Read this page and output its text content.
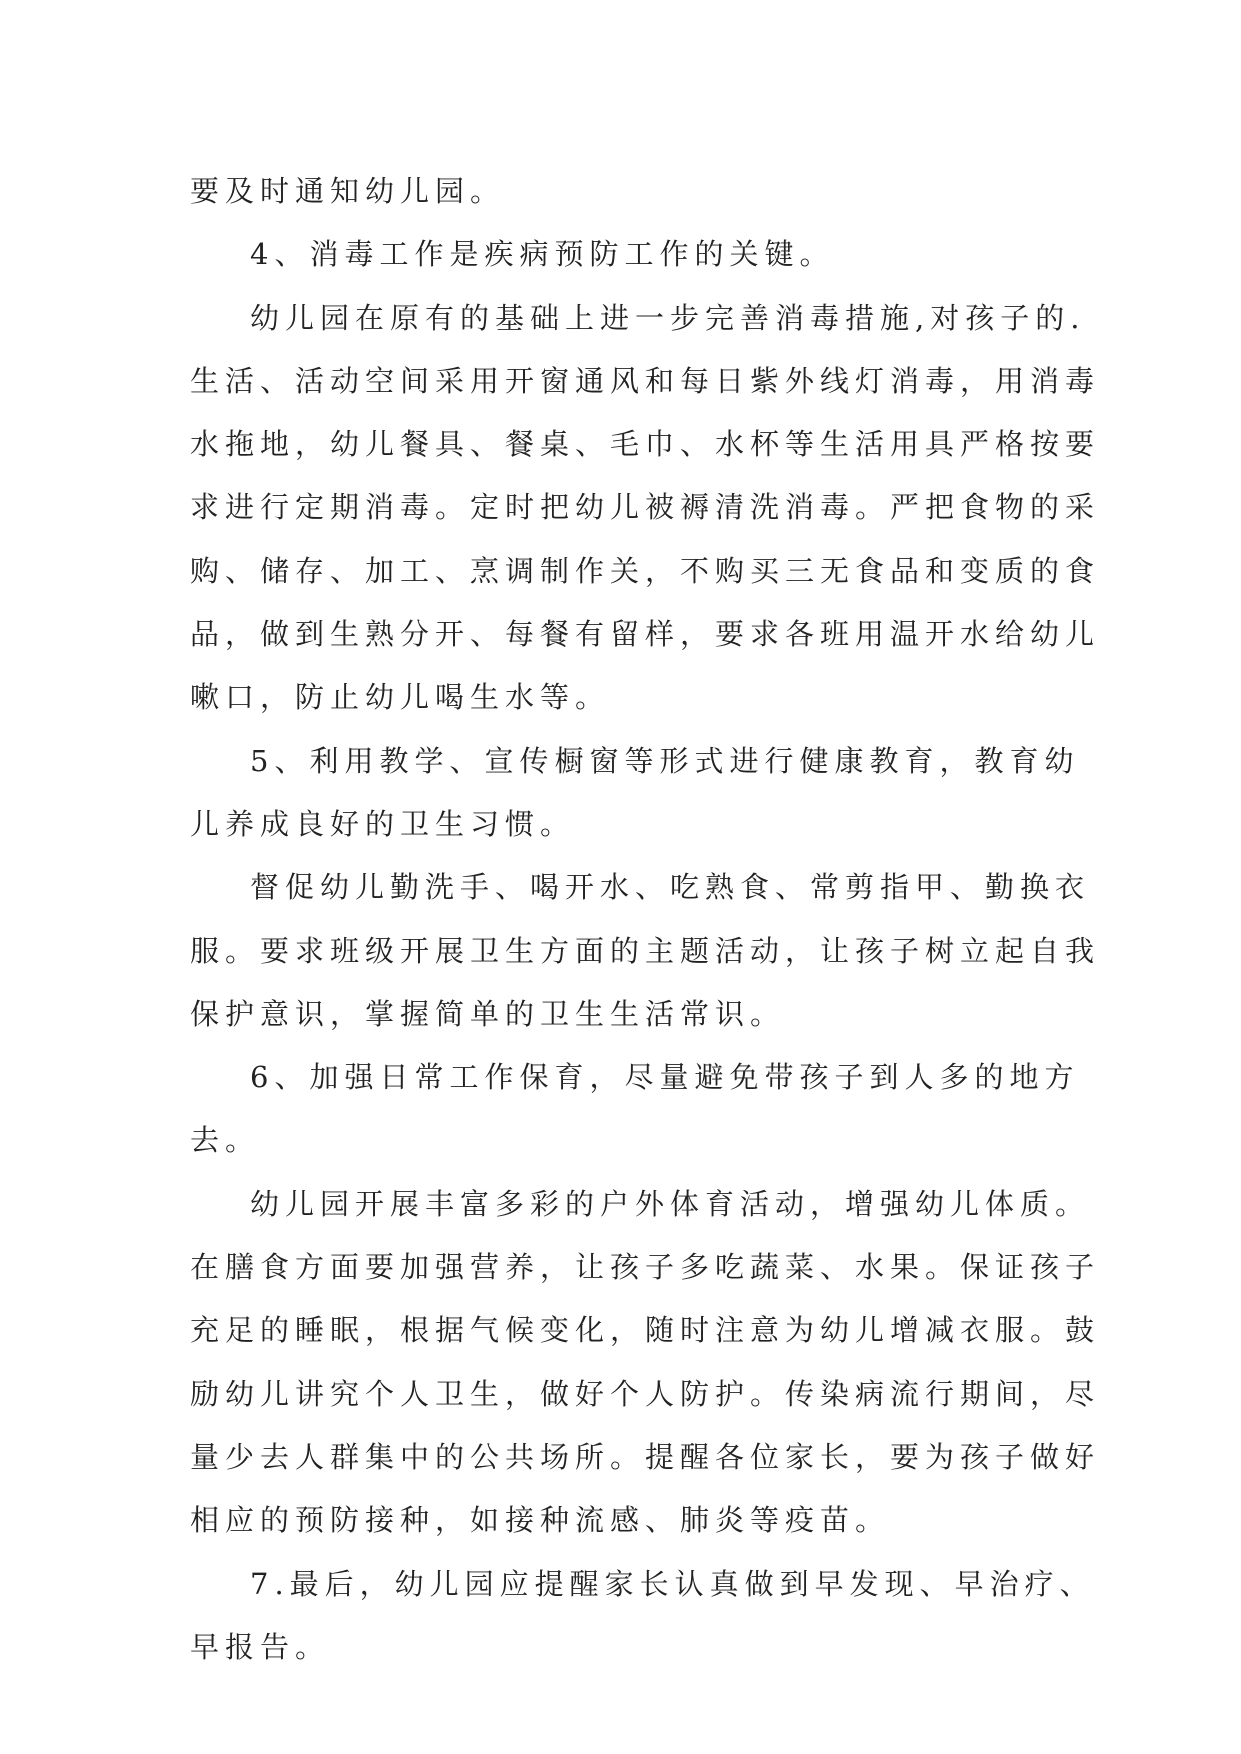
要及时通知幼儿园。
4、消毒工作是疾病预防工作的关键。
幼儿园在原有的基础上进一步完善消毒措施,对孩子的.
生活、活动空间采用开窗通风和每日紫外线灯消毒，用消毒
水拖地，幼儿餐具、餐桌、毛巾、水杯等生活用具严格按要
求进行定期消毒。定时把幼儿被褥清洗消毒。严把食物的采
购、储存、加工、烹调制作关，不购买三无食品和变质的食
品，做到生熟分开、每餐有留样，要求各班用温开水给幼儿
嗽口，防止幼儿喝生水等。
5、利用教学、宣传橱窗等形式进行健康教育，教育幼
儿养成良好的卫生习惯。
督促幼儿勤洗手、喝开水、吃熟食、常剪指甲、勤换衣
服。要求班级开展卫生方面的主题活动，让孩子树立起自我
保护意识，掌握简单的卫生生活常识。
6、加强日常工作保育，尽量避免带孩子到人多的地方
去。
幼儿园开展丰富多彩的户外体育活动，增强幼儿体质。
在膳食方面要加强营养，让孩子多吃蔬菜、水果。保证孩子
充足的睡眠，根据气候变化，随时注意为幼儿增减衣服。鼓
励幼儿讲究个人卫生，做好个人防护。传染病流行期间，尽
量少去人群集中的公共场所。提醒各位家长，要为孩子做好
相应的预防接种，如接种流感、肺炎等疫苗。
7.最后，幼儿园应提醒家长认真做到早发现、早治疗、
早报告。
